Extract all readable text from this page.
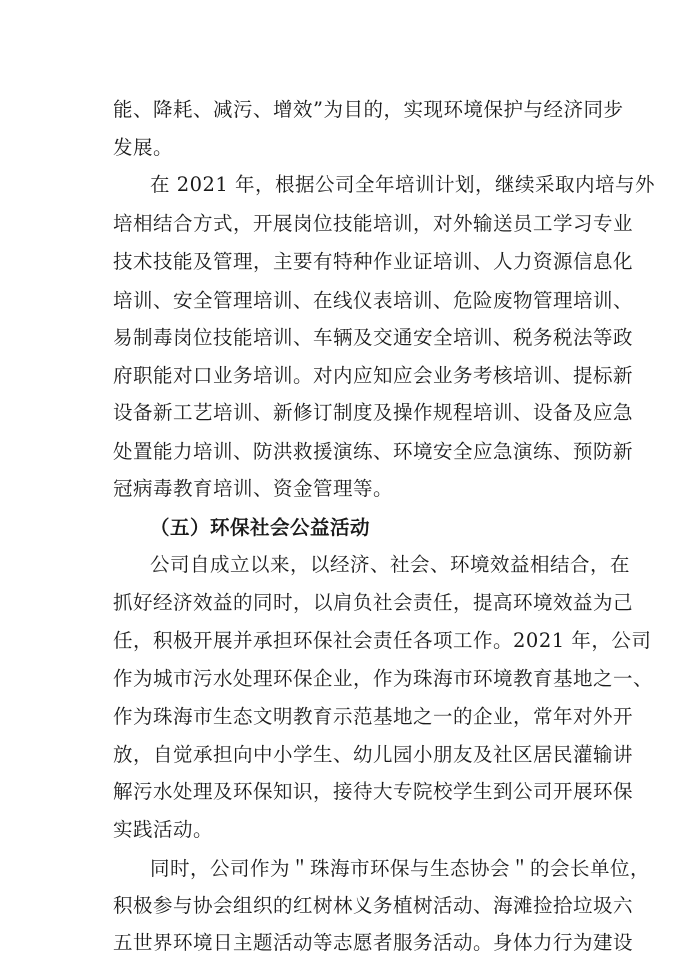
能、降耗、减污、增效”为目的，实现环境保护与经济同步
发展。
在 2021 年，根据公司全年培训计划，继续采取内培与外
培相结合方式，开展岗位技能培训，对外输送员工学习专业
技术技能及管理，主要有特种作业证培训、人力资源信息化
培训、安全管理培训、在线仪表培训、危险废物管理培训、
易制毒岗位技能培训、车辆及交通安全培训、税务税法等政
府职能对口业务培训。对内应知应会业务考核培训、提标新
设备新工艺培训、新修订制度及操作规程培训、设备及应急
处置能力培训、防洪救援演练、环境安全应急演练、预防新
冠病毒教育培训、资金管理等。
（五）环保社会公益活动
公司自成立以来，以经济、社会、环境效益相结合，在
抓好经济效益的同时，以肩负社会责任，提高环境效益为己
任，积极开展并承担环保社会责任各项工作。2021 年，公司
作为城市污水处理环保企业，作为珠海市环境教育基地之一、
作为珠海市生态文明教育示范基地之一的企业，常年对外开
放，自觉承担向中小学生、幼儿园小朋友及社区居民灌输讲
解污水处理及环保知识，接待大专院校学生到公司开展环保
实践活动。
同时，公司作为＂珠海市环保与生态协会＂的会长单位，
积极参与协会组织的红树林义务植树活动、海滩捡拾垃圾六
五世界环境日主题活动等志愿者服务活动。身体力行为建设
